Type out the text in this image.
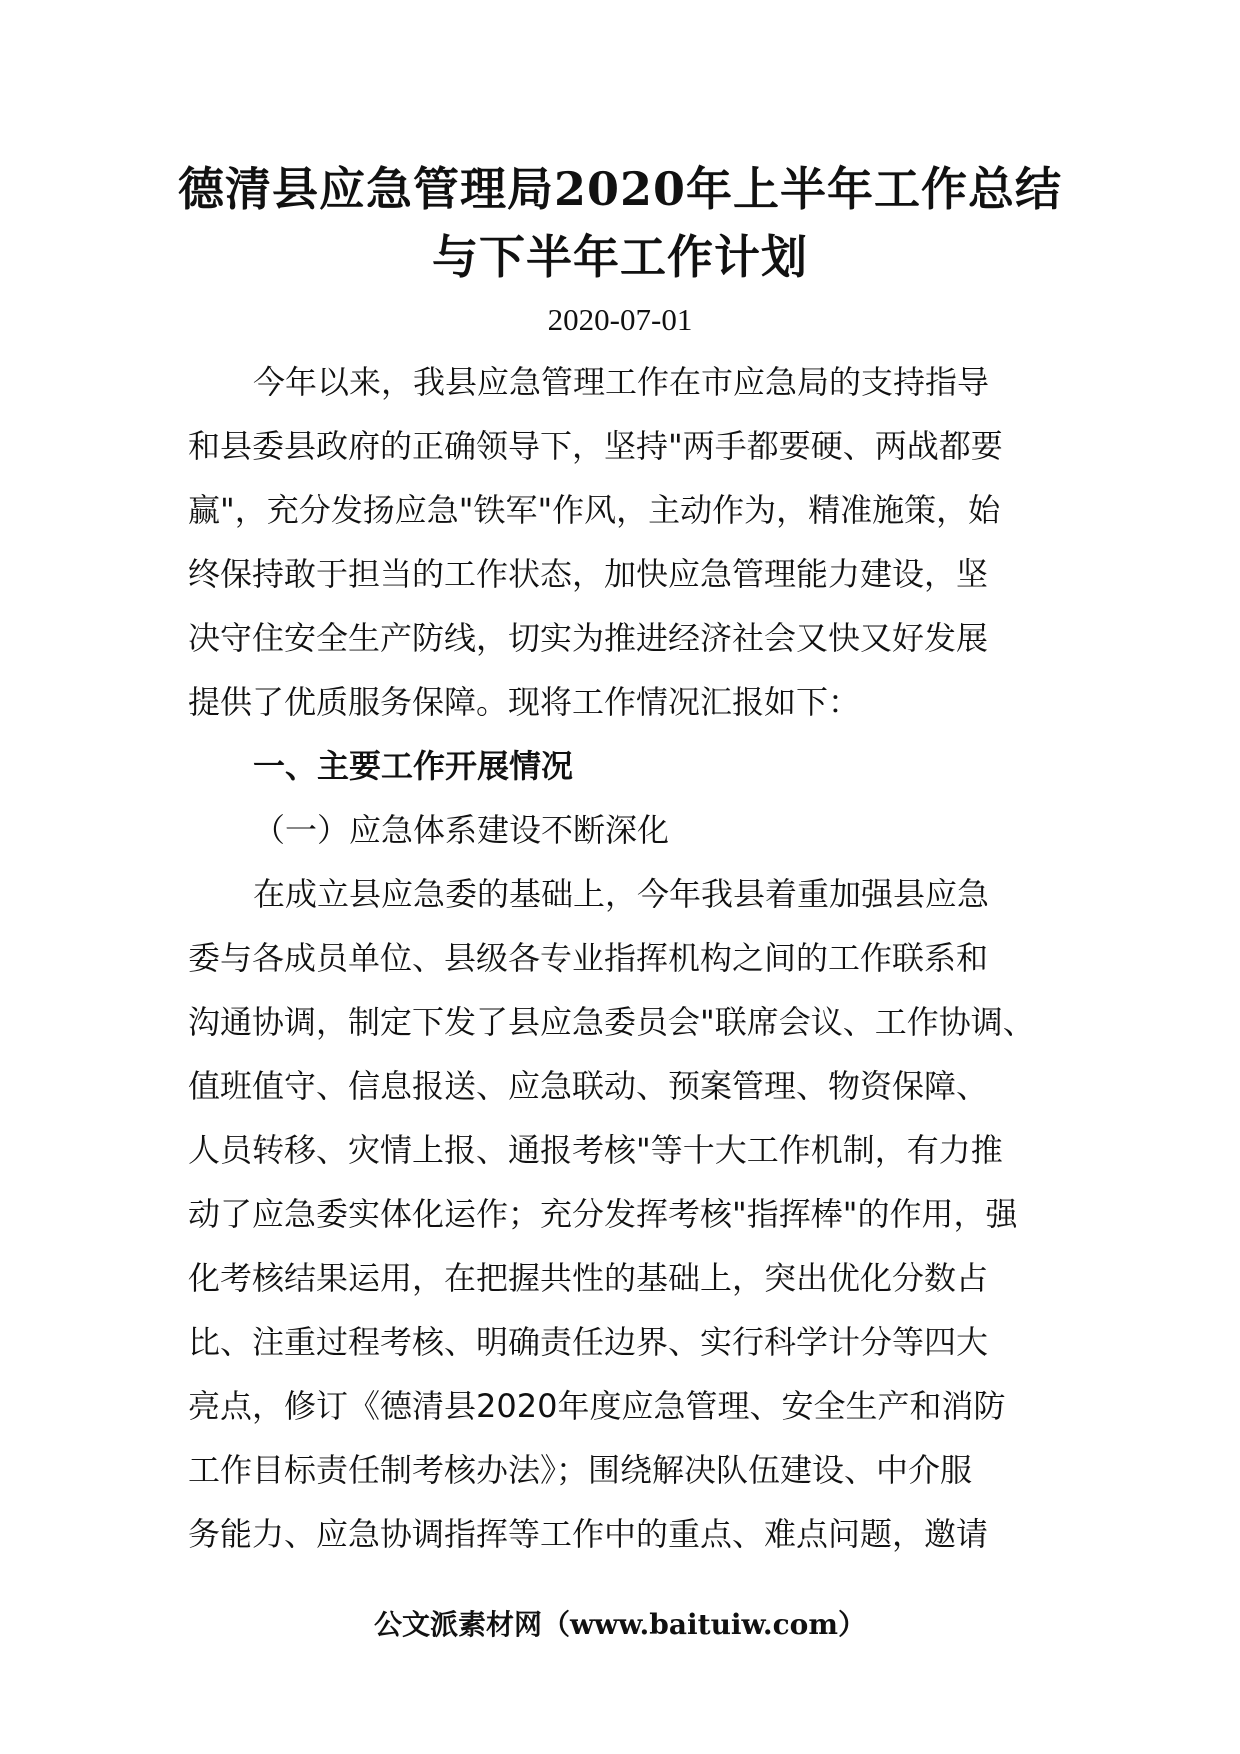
德清县应急管理局2020年上半年工作总结
与下半年工作计划
2020-07-01

今年以来，我县应急管理工作在市应急局的支持指导

和县委县政府的正确领导下，坚持"两手都要硬、两战都要

赢"，充分发扬应急"铁军"作风，主动作为，精准施策，始

终保持敢于担当的工作状态，加快应急管理能力建设，坚

决守住安全生产防线，切实为推进经济社会又快又好发展

提供了优质服务保障。现将工作情况汇报如下：

一、主要工作开展情况

（一）应急体系建设不断深化

在成立县应急委的基础上，今年我县着重加强县应急

委与各成员单位、县级各专业指挥机构之间的工作联系和

沟通协调，制定下发了县应急委员会"联席会议、工作协调、

值班值守、信息报送、应急联动、预案管理、物资保障、

人员转移、灾情上报、通报考核"等十大工作机制，有力推

动了应急委实体化运作；充分发挥考核"指挥棒"的作用，强

化考核结果运用，在把握共性的基础上，突出优化分数占

比、注重过程考核、明确责任边界、实行科学计分等四大

亮点，修订《德清县2020年度应急管理、安全生产和消防

工作目标责任制考核办法》；围绕解决队伍建设、中介服

务能力、应急协调指挥等工作中的重点、难点问题，邀请

公文派素材网（www.baituiw.com）
